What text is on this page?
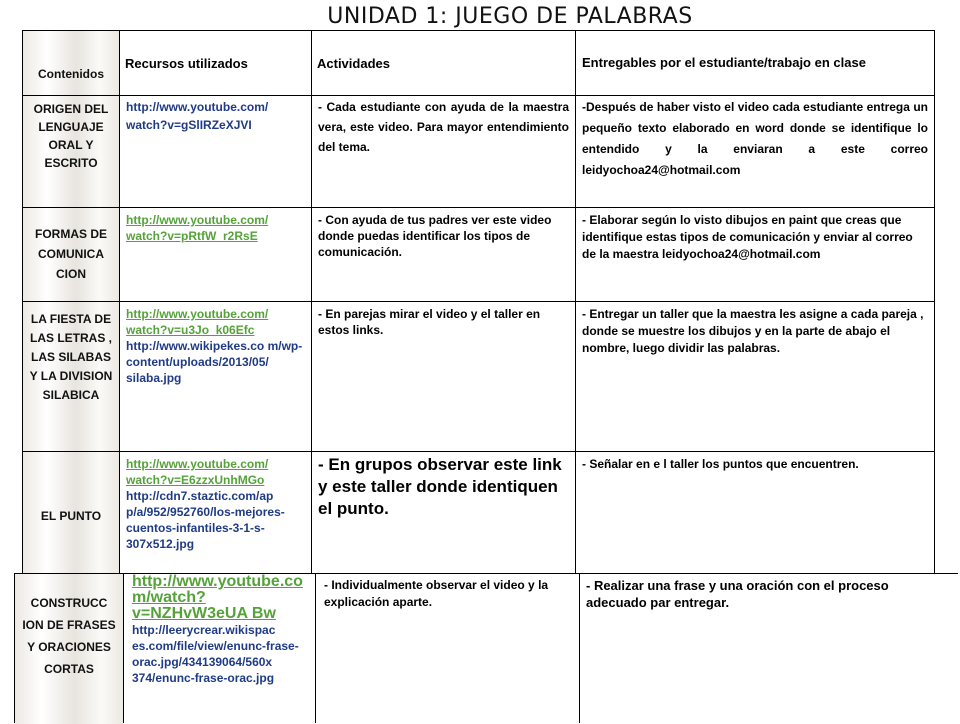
UNIDAD 1: JUEGO DE PALABRAS
Contenidos
Recursos utilizados	Actividades	Entregables por el estudiante/trabajo en clase
ORIGEN DEL LENGUAJE ORAL Y ESCRITO
http://www.youtube.com/ watch?v=gSlIRZeXJVI
- Cada estudiante con ayuda de la maestra vera, este video. Para mayor entendimiento del tema.
-Después de haber visto el video cada estudiante entrega un pequeño texto elaborado en word donde se identifique lo entendido y la enviaran a este correo leidyochoa24@hotmail.com
FORMAS DE COMUNICA CION
http://www.youtube.com/ watch?v=pRtfW_r2RsE
- Con ayuda de tus padres ver este video donde puedas identificar los tipos de comunicación.
- Elaborar según lo visto dibujos en paint que creas que identifique estas tipos de comunicación y enviar al correo de la maestra leidyochoa24@hotmail.com
LA FIESTA DE LAS LETRAS , LAS SILABAS Y LA DIVISION SILABICA
http://www.youtube.com/ watch?v=u3Jo_k06Efc
http://www.wikipekes.co m/wp-content/uploads/2013/05/ silaba.jpg
- En parejas mirar el video y el taller en estos links.
- Entregar un taller que la maestra les asigne a cada pareja , donde se muestre los dibujos y en la parte de abajo el nombre, luego dividir las palabras.
EL PUNTO
http://www.youtube.com/ watch?v=E6zzxUnhMGo
http://cdn7.staztic.com/ap p/a/952/952760/los-mejores-cuentos-infantiles-3-1-s-307x512.jpg
- En grupos observar este link y este taller donde identiquen el punto.
- Señalar en e l taller los puntos que encuentren.
CONSTRUCC ION DE FRASES Y ORACIONES CORTAS
http://www.youtube.co m/watch?v=NZHvW3eUA Bw
http://leerycrear.wikispac es.com/file/view/enunc-frase-orac.jpg/434139064/560x 374/enunc-frase-orac.jpg
- Individualmente observar el video y la explicación aparte.
- Realizar una frase y una oración con el proceso adecuado par entregar.
